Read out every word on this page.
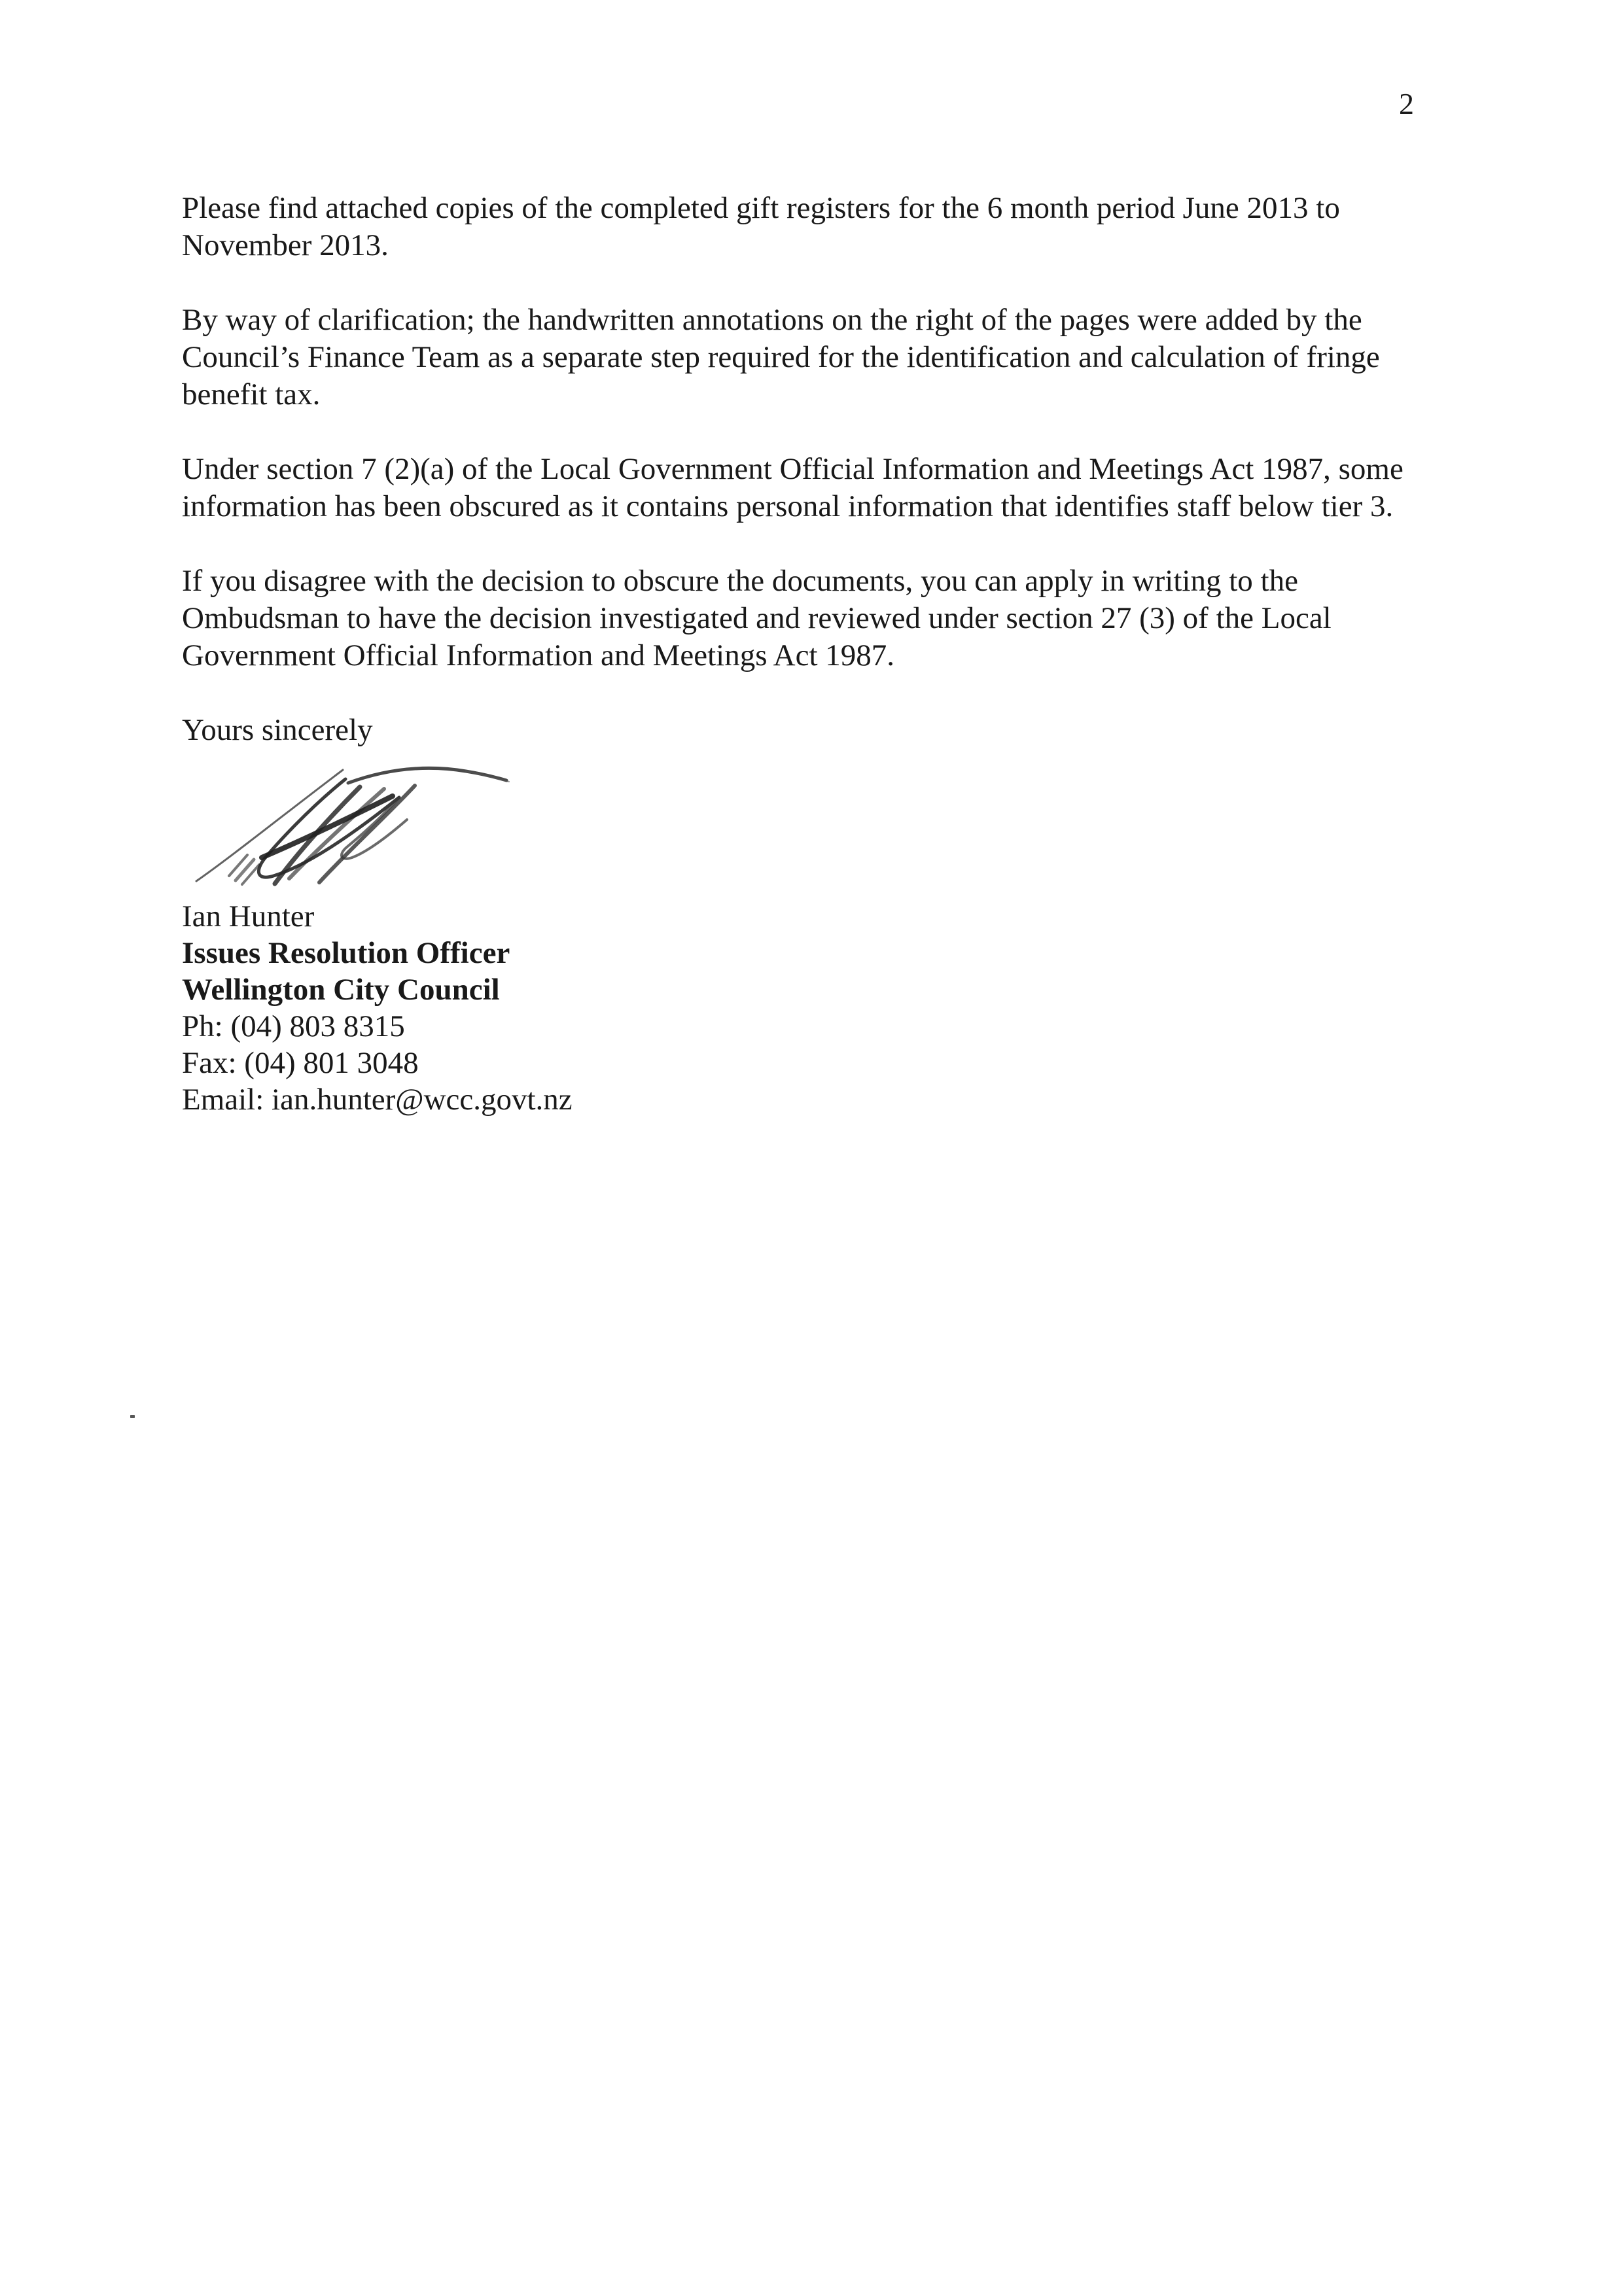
2

Please find attached copies of the completed gift registers for the 6 month period June 2013 to November 2013.

By way of clarification; the handwritten annotations on the right of the pages were added by the Council’s Finance Team as a separate step required for the identification and calculation of fringe benefit tax.

Under section 7 (2)(a) of the Local Government Official Information and Meetings Act 1987, some information has been obscured as it contains personal information that identifies staff below tier 3.

If you disagree with the decision to obscure the documents, you can apply in writing to the Ombudsman to have the decision investigated and reviewed under section 27 (3) of the Local Government Official Information and Meetings Act 1987.

Yours sincerely

Ian Hunter
Issues Resolution Officer
Wellington City Council
Ph: (04) 803 8315
Fax: (04) 801 3048
Email: ian.hunter@wcc.govt.nz
